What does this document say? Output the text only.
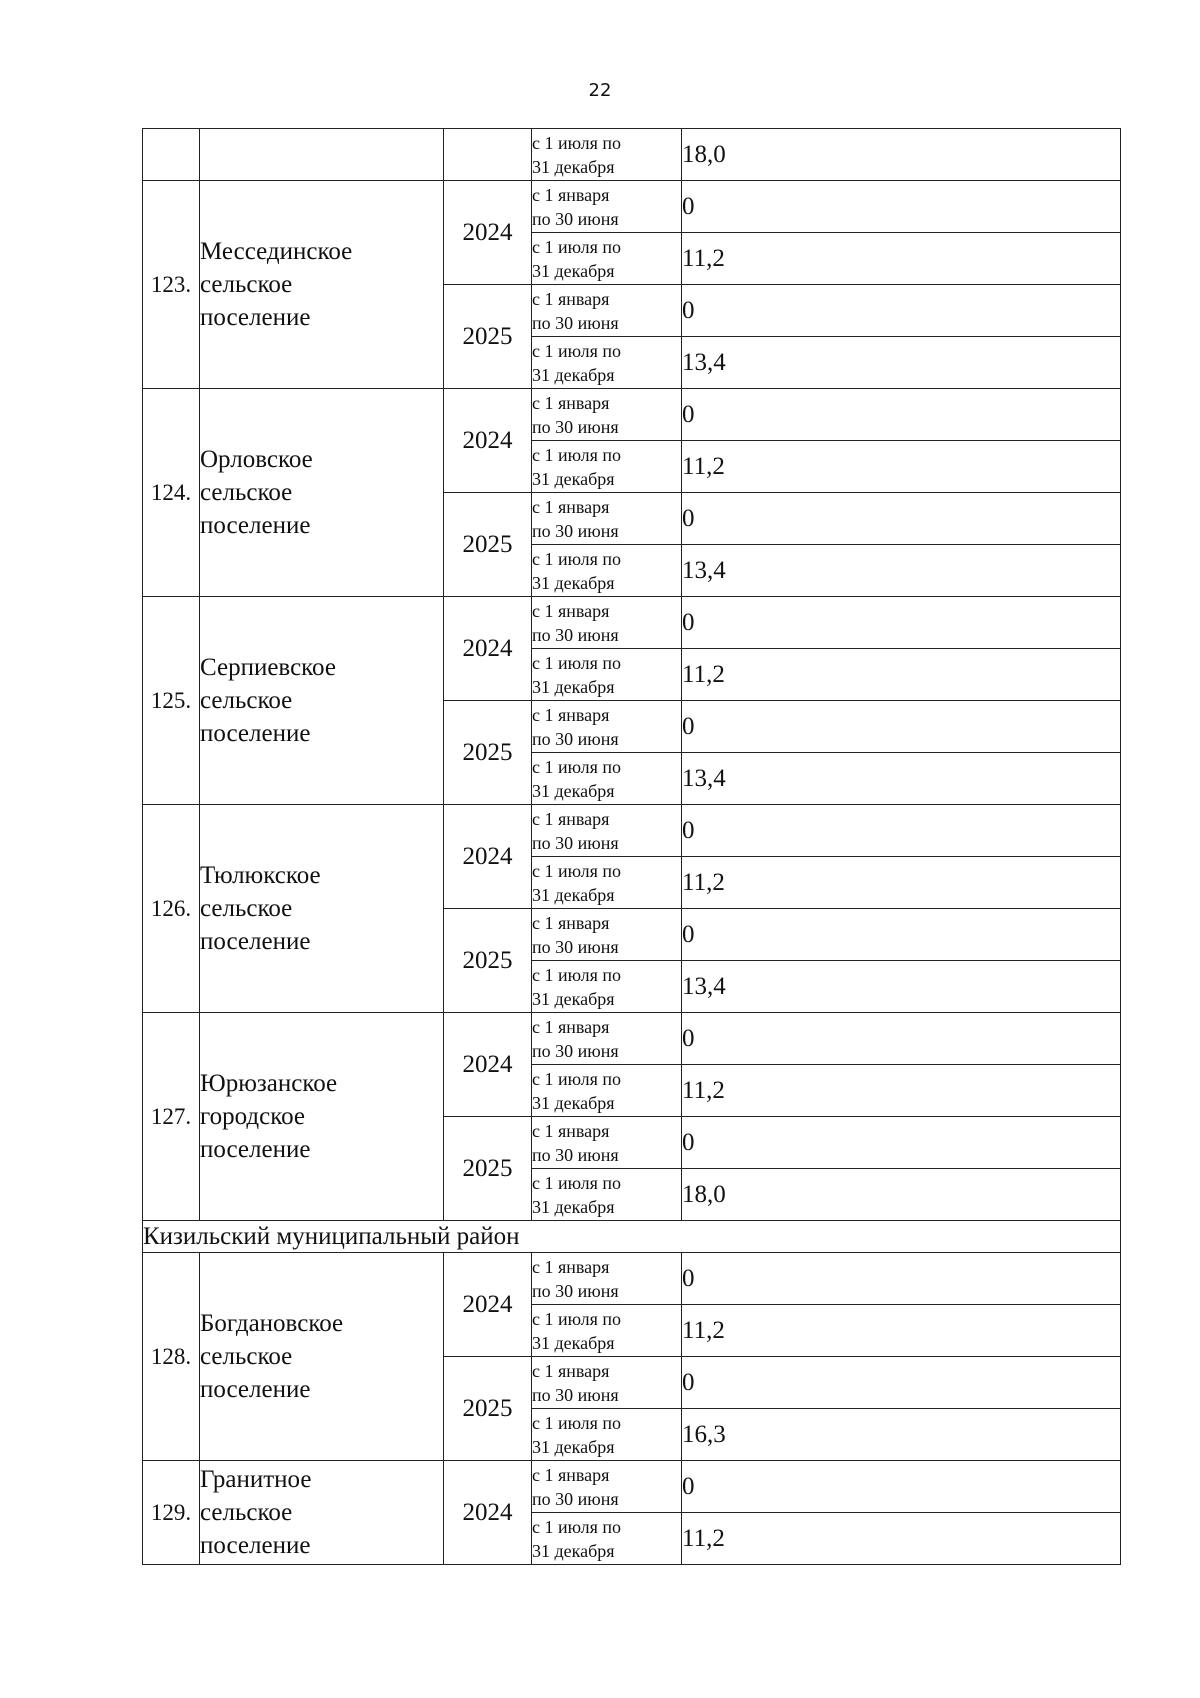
22
			с 1 июля по
31 декабря	18,0
123.	Мессединское
сельское
поселение	2024	с 1 января
по 30 июня	0
			с 1 июля по
31 декабря	11,2
		2025	с 1 января
по 30 июня	0
			с 1 июля по
31 декабря	13,4
124.	Орловское
сельское
поселение	2024	с 1 января
по 30 июня	0
			с 1 июля по
31 декабря	11,2
		2025	с 1 января
по 30 июня	0
			с 1 июля по
31 декабря	13,4
125.	Серпиевское
сельское
поселение	2024	с 1 января
по 30 июня	0
			с 1 июля по
31 декабря	11,2
		2025	с 1 января
по 30 июня	0
			с 1 июля по
31 декабря	13,4
126.	Тюлюкское
сельское
поселение	2024	с 1 января
по 30 июня	0
			с 1 июля по
31 декабря	11,2
		2025	с 1 января
по 30 июня	0
			с 1 июля по
31 декабря	13,4
127.	Юрюзанское
городское
поселение	2024	с 1 января
по 30 июня	0
			с 1 июля по
31 декабря	11,2
		2025	с 1 января
по 30 июня	0
			с 1 июля по
31 декабря	18,0
Кизильский муниципальный район				
128.	Богдановское
сельское
поселение	2024	с 1 января
по 30 июня	0
			с 1 июля по
31 декабря	11,2
		2025	с 1 января
по 30 июня	0
			с 1 июля по
31 декабря	16,3
129.	Гранитное
сельское
поселение	2024	с 1 января
по 30 июня	0
			с 1 июля по
31 декабря	11,2
